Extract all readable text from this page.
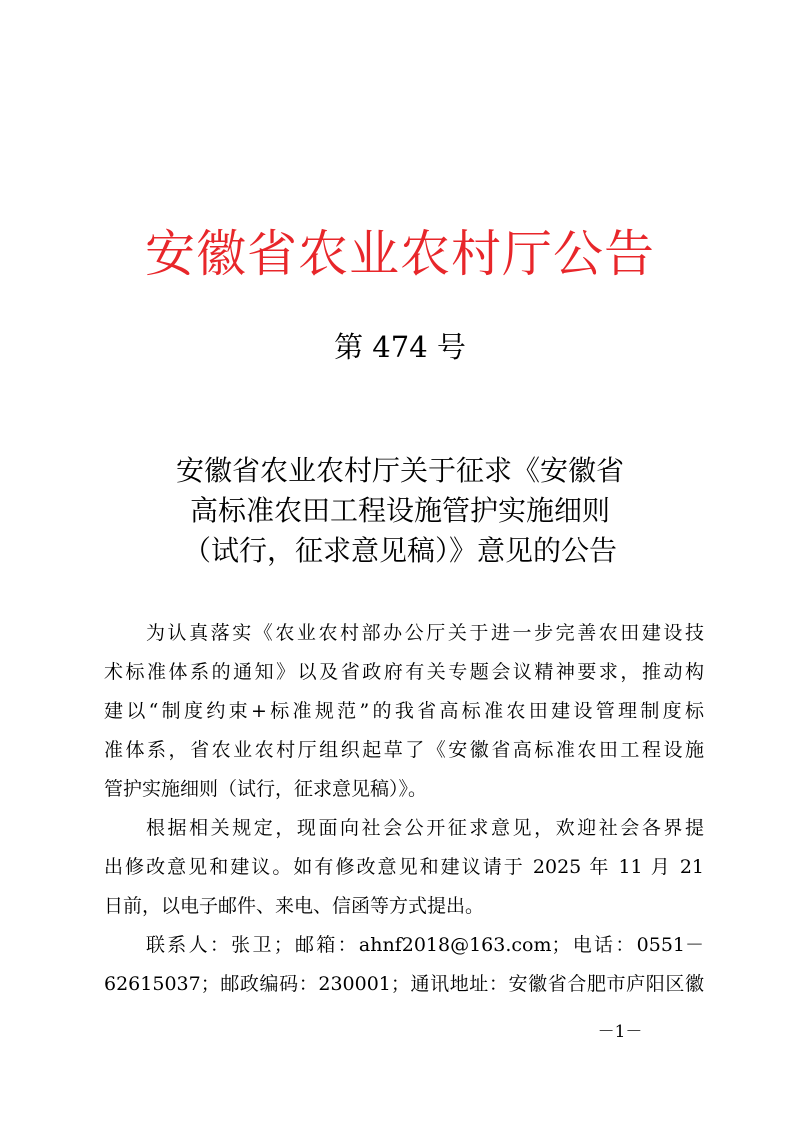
安徽省农业农村厅公告
第 474 号
安徽省农业农村厅关于征求《安徽省
高标准农田工程设施管护实施细则
（试行，征求意见稿）》意见的公告
为认真落实《农业农村部办公厅关于进一步完善农田建设技
术标准体系的通知》以及省政府有关专题会议精神要求，推动构
建以“制度约束+标准规范”的我省高标准农田建设管理制度标
准体系，省农业农村厅组织起草了《安徽省高标准农田工程设施
管护实施细则（试行，征求意见稿）》。
根据相关规定，现面向社会公开征求意见，欢迎社会各界提
出修改意见和建议。如有修改意见和建议请于 2025 年 11 月 21
日前，以电子邮件、来电、信函等方式提出。
联系人：张卫；邮箱：ahnf2018@163.com；电话：0551－
62615037；邮政编码：230001；通讯地址：安徽省合肥市庐阳区徽
－1－
